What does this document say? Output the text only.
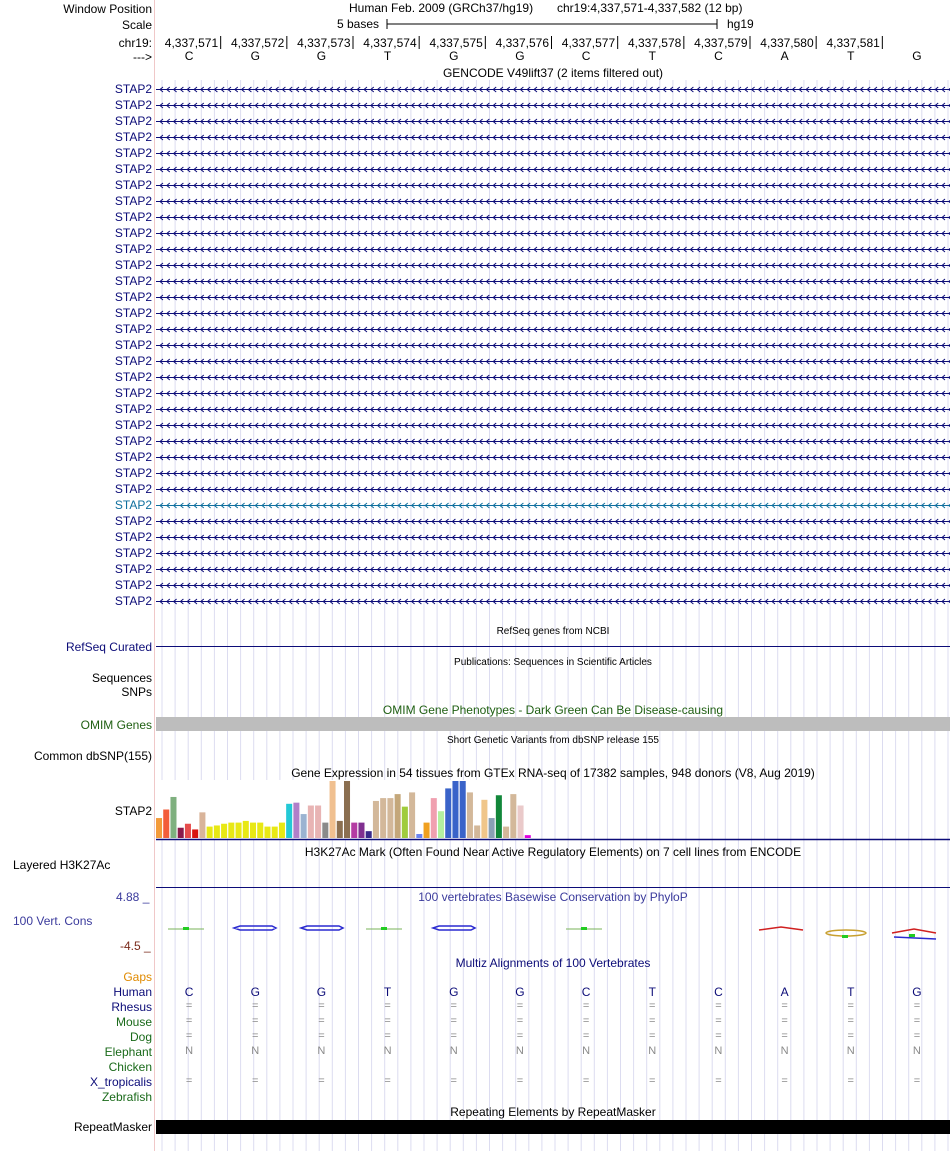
Window Position
Scale
chr19:
--->
Human Feb. 2009 (GRCh37/hg19) chr19:4,337,571-4,337,582 (12 bp)
5 bases	hg19
4,337,571	4,337,572	4,337,573	4,337,574	4,337,575	4,337,576	4,337,577	4,337,578	4,337,579	4,337,580	4,337,581
C	G	G	T	G	G	C	T	C	A	T	G
GENCODE V49lift37 (2 items filtered out)
STAP2
STAP2
STAP2
STAP2
STAP2
STAP2
STAP2
STAP2
STAP2
STAP2
STAP2
STAP2
STAP2
STAP2
STAP2
STAP2
STAP2
STAP2
STAP2
STAP2
STAP2
STAP2
STAP2
STAP2
STAP2
STAP2
STAP2
STAP2
STAP2
STAP2
STAP2
STAP2
STAP2
RefSeq genes from NCBI
RefSeq Curated
Publications: Sequences in Scientific Articles
Sequences
SNPs
OMIM Gene Phenotypes - Dark Green Can Be Disease-causing
OMIM Genes
Short Genetic Variants from dbSNP release 155
Common dbSNP(155)
Gene Expression in 54 tissues from GTEx RNA-seq of 17382 samples, 948 donors (V8, Aug 2019)
STAP2
H3K27Ac Mark (Often Found Near Active Regulatory Elements) on 7 cell lines from ENCODE
Layered H3K27Ac
100 vertebrates Basewise Conservation by PhyloP
4.88 _
100 Vert. Cons
-4.5 _
Multiz Alignments of 100 Vertebrates
Gaps
Human	C	G	G	T	G	G	C	T	C	A	T	G
Rhesus	=	=	=	=	=	=	=	=	=	=	=	=
Mouse	=	=	=	=	=	=	=	=	=	=	=	=
Dog	=	=	=	=	=	=	=	=	=	=	=	=
Elephant	N	N	N	N	N	N	N	N	N	N	N	N
Chicken
X_tropicalis	=	=	=	=	=	=	=	=	=	=	=	=
Zebrafish
Repeating Elements by RepeatMasker
RepeatMasker
